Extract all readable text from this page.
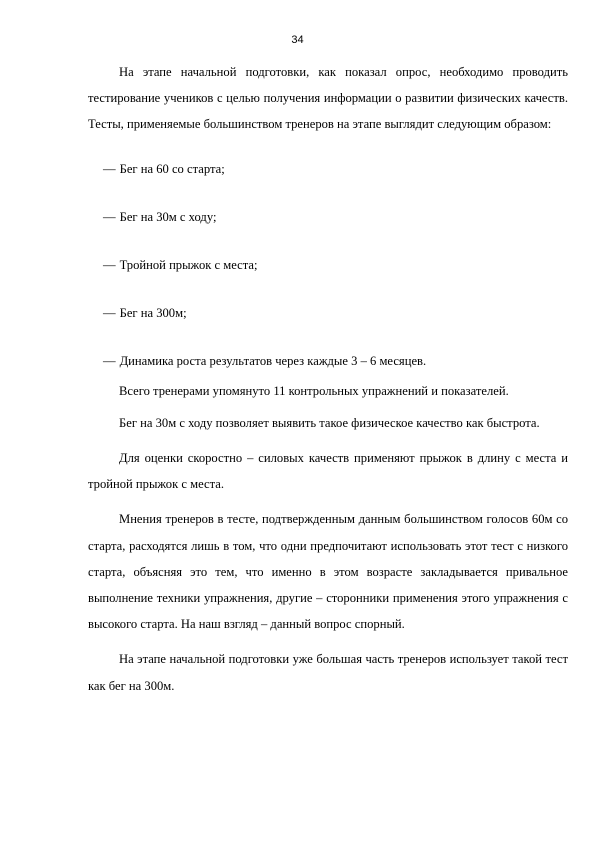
34

На этапе начальной подготовки, как показал опрос, необходимо проводить тестирование учеников с целью получения информации о развитии физических качеств. Тесты, применяемые большинством тренеров на этапе выглядит следующим образом:

— Бег на 60 со старта;
— Бег на 30м с ходу;
— Тройной прыжок с места;
— Бег на 300м;
— Динамика роста результатов через каждые 3 – 6 месяцев.

Всего тренерами упомянуто 11 контрольных упражнений и показателей.

Бег на 30м с ходу позволяет выявить такое физическое качество как быстрота.

Для оценки скоростно – силовых качеств применяют прыжок в длину с места и тройной прыжок с места.

Мнения тренеров в тесте, подтвержденным данным большинством голосов 60м со старта, расходятся лишь в том, что одни предпочитают использовать этот тест с низкого старта, объясняя это тем, что именно в этом возрасте закладывается привальное выполнение техники упражнения, другие – сторонники применения этого упражнения с высокого старта. На наш взгляд – данный вопрос спорный.

На этапе начальной подготовки уже большая часть тренеров использует такой тест как бег на 300м.
